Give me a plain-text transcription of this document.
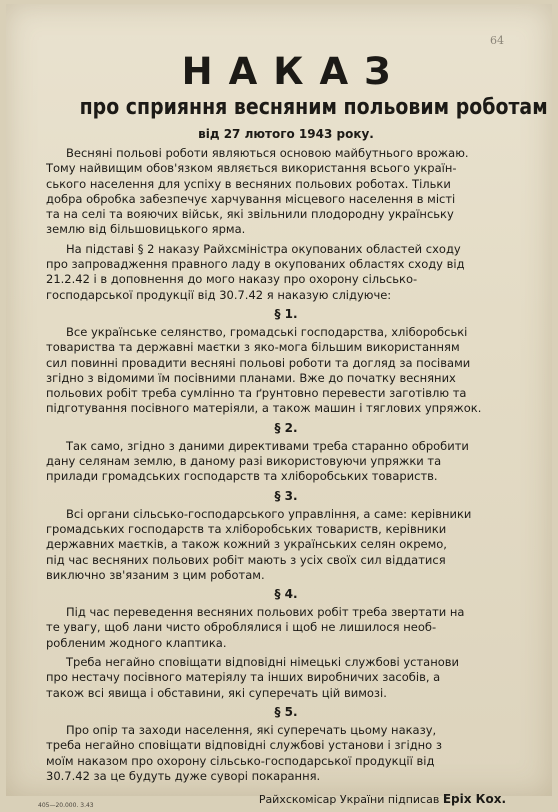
64
НАКАЗ
про сприяння весняним польовим роботам
від 27 лютого 1943 року.
Весняні польові роботи являються основою майбутнього врожаю.
Тому найвищим обов'язком являється використання всього україн-
ського населення для успіху в весняних польових роботах. Тільки
добра обробка забезпечує харчування місцевого населення в місті
та на селі та вояючих військ, які звільнили плодородну українську
землю від більшовицького ярма.
На підставі § 2 наказу Райхсміністра окупованих областей сходу
про запровадження правного ладу в окупованих областях сходу від
21.2.42 і в доповнення до мого наказу про охорону сільсько-
господарської продукції від 30.7.42 я наказую слідуюче:
§ 1.
Все українське селянство, громадські господарства, хліборобські
товариства та державні маєтки з яко-мога більшим використанням
сил повинні провадити весняні польові роботи та догляд за посівами
згідно з відомими їм посівними планами. Вже до початку весняних
польових робіт треба сумлінно та ґрунтовно перевести заготівлю та
підготування посівного матеріяли, а також машин і тяглових упряжок.
§ 2.
Так само, згідно з даними директивами треба старанно обробити
дану селянам землю, в даному разі використовуючи упряжки та
прилади громадських господарств та хліборобських товариств.
§ 3.
Всі органи сільсько-господарського управління, а саме: керівники
громадських господарств та хліборобських товариств, керівники
державних маєтків, а також кожний з українських селян окремо,
під час весняних польових робіт мають з усіх своїх сил віддатися
виключно зв'язаним з цим роботам.
§ 4.
Під час переведення весняних польових робіт треба звертати на
те увагу, щоб лани чисто оброблялися і щоб не лишилося необ-
робленим жодного клаптика.
Треба негайно сповіщати відповідні німецькі службові установи
про нестачу посівного матеріялу та інших виробничих засобів, а
також всі явища і обставини, які суперечать цій вимозі.
§ 5.
Про опір та заходи населення, які суперечать цьому наказу,
треба негайно сповіщати відповідні службові установи і згідно з
моїм наказом про охорону сільсько-господарської продукції від
30.7.42 за це будуть дуже суворі покарання.
405—20.000. 3.43	Райхскомісар України підписав Еріх Кох.
